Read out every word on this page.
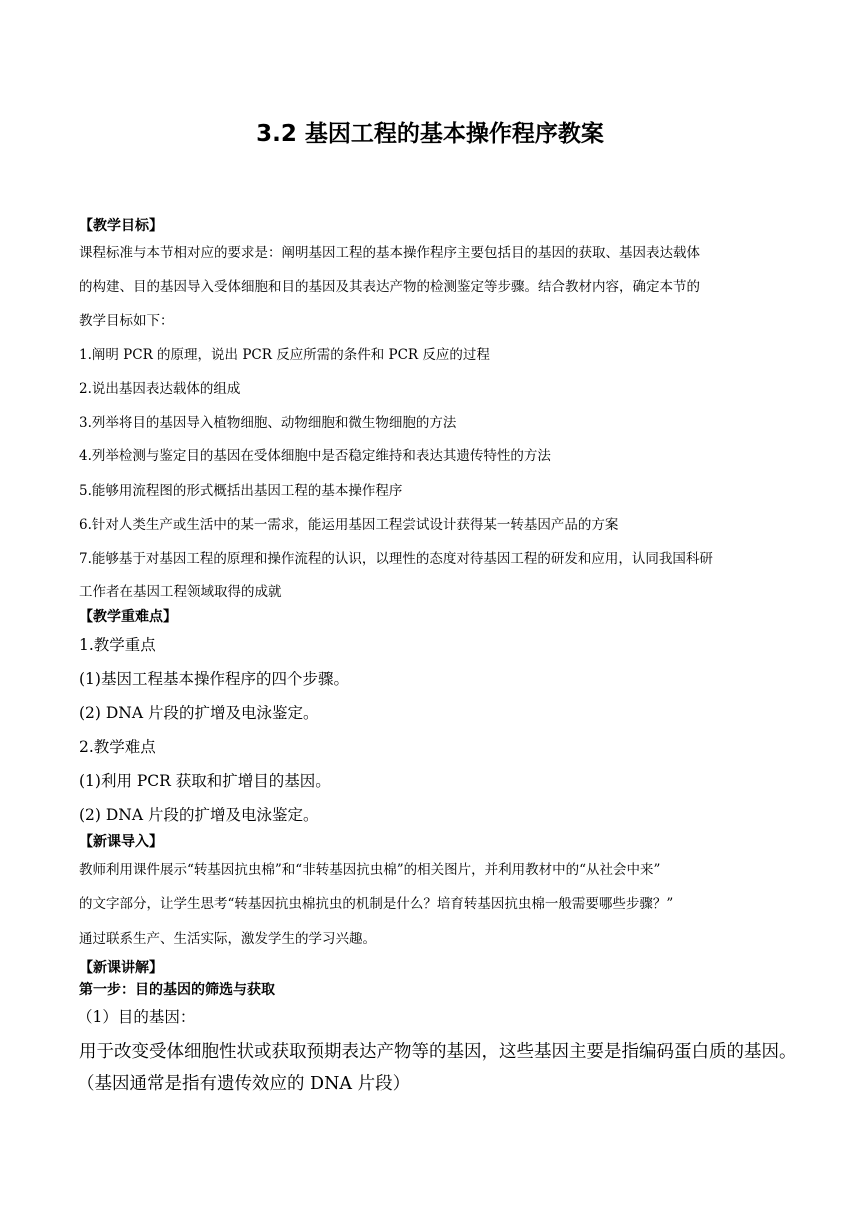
3.2 基因工程的基本操作程序教案
【教学目标】
课程标准与本节相对应的要求是：阐明基因工程的基本操作程序主要包括目的基因的获取、基因表达载体
的构建、目的基因导入受体细胞和目的基因及其表达产物的检测鉴定等步骤。结合教材内容，确定本节的
教学目标如下：
1.阐明 PCR 的原理，说出 PCR 反应所需的条件和 PCR 反应的过程
2.说出基因表达载体的组成
3.列举将目的基因导入植物细胞、动物细胞和微生物细胞的方法
4.列举检测与鉴定目的基因在受体细胞中是否稳定维持和表达其遗传特性的方法
5.能够用流程图的形式概括出基因工程的基本操作程序
6.针对人类生产或生活中的某一需求，能运用基因工程尝试设计获得某一转基因产品的方案
7.能够基于对基因工程的原理和操作流程的认识，以理性的态度对待基因工程的研发和应用，认同我国科研
工作者在基因工程领域取得的成就
【教学重难点】
1.教学重点
(1)基因工程基本操作程序的四个步骤。
(2) DNA 片段的扩增及电泳鉴定。
2.教学难点
(1)利用 PCR 获取和扩增目的基因。
(2) DNA 片段的扩增及电泳鉴定。
【新课导入】
教师利用课件展示“转基因抗虫棉”和“非转基因抗虫棉”的相关图片，并利用教材中的“从社会中来”
的文字部分，让学生思考“转基因抗虫棉抗虫的机制是什么？培育转基因抗虫棉一般需要哪些步骤？”
通过联系生产、生活实际，激发学生的学习兴趣。
【新课讲解】
第一步：目的基因的筛选与获取
（1）目的基因：
用于改变受体细胞性状或获取预期表达产物等的基因，这些基因主要是指编码蛋白质的基因。
（基因通常是指有遗传效应的 DNA 片段）
